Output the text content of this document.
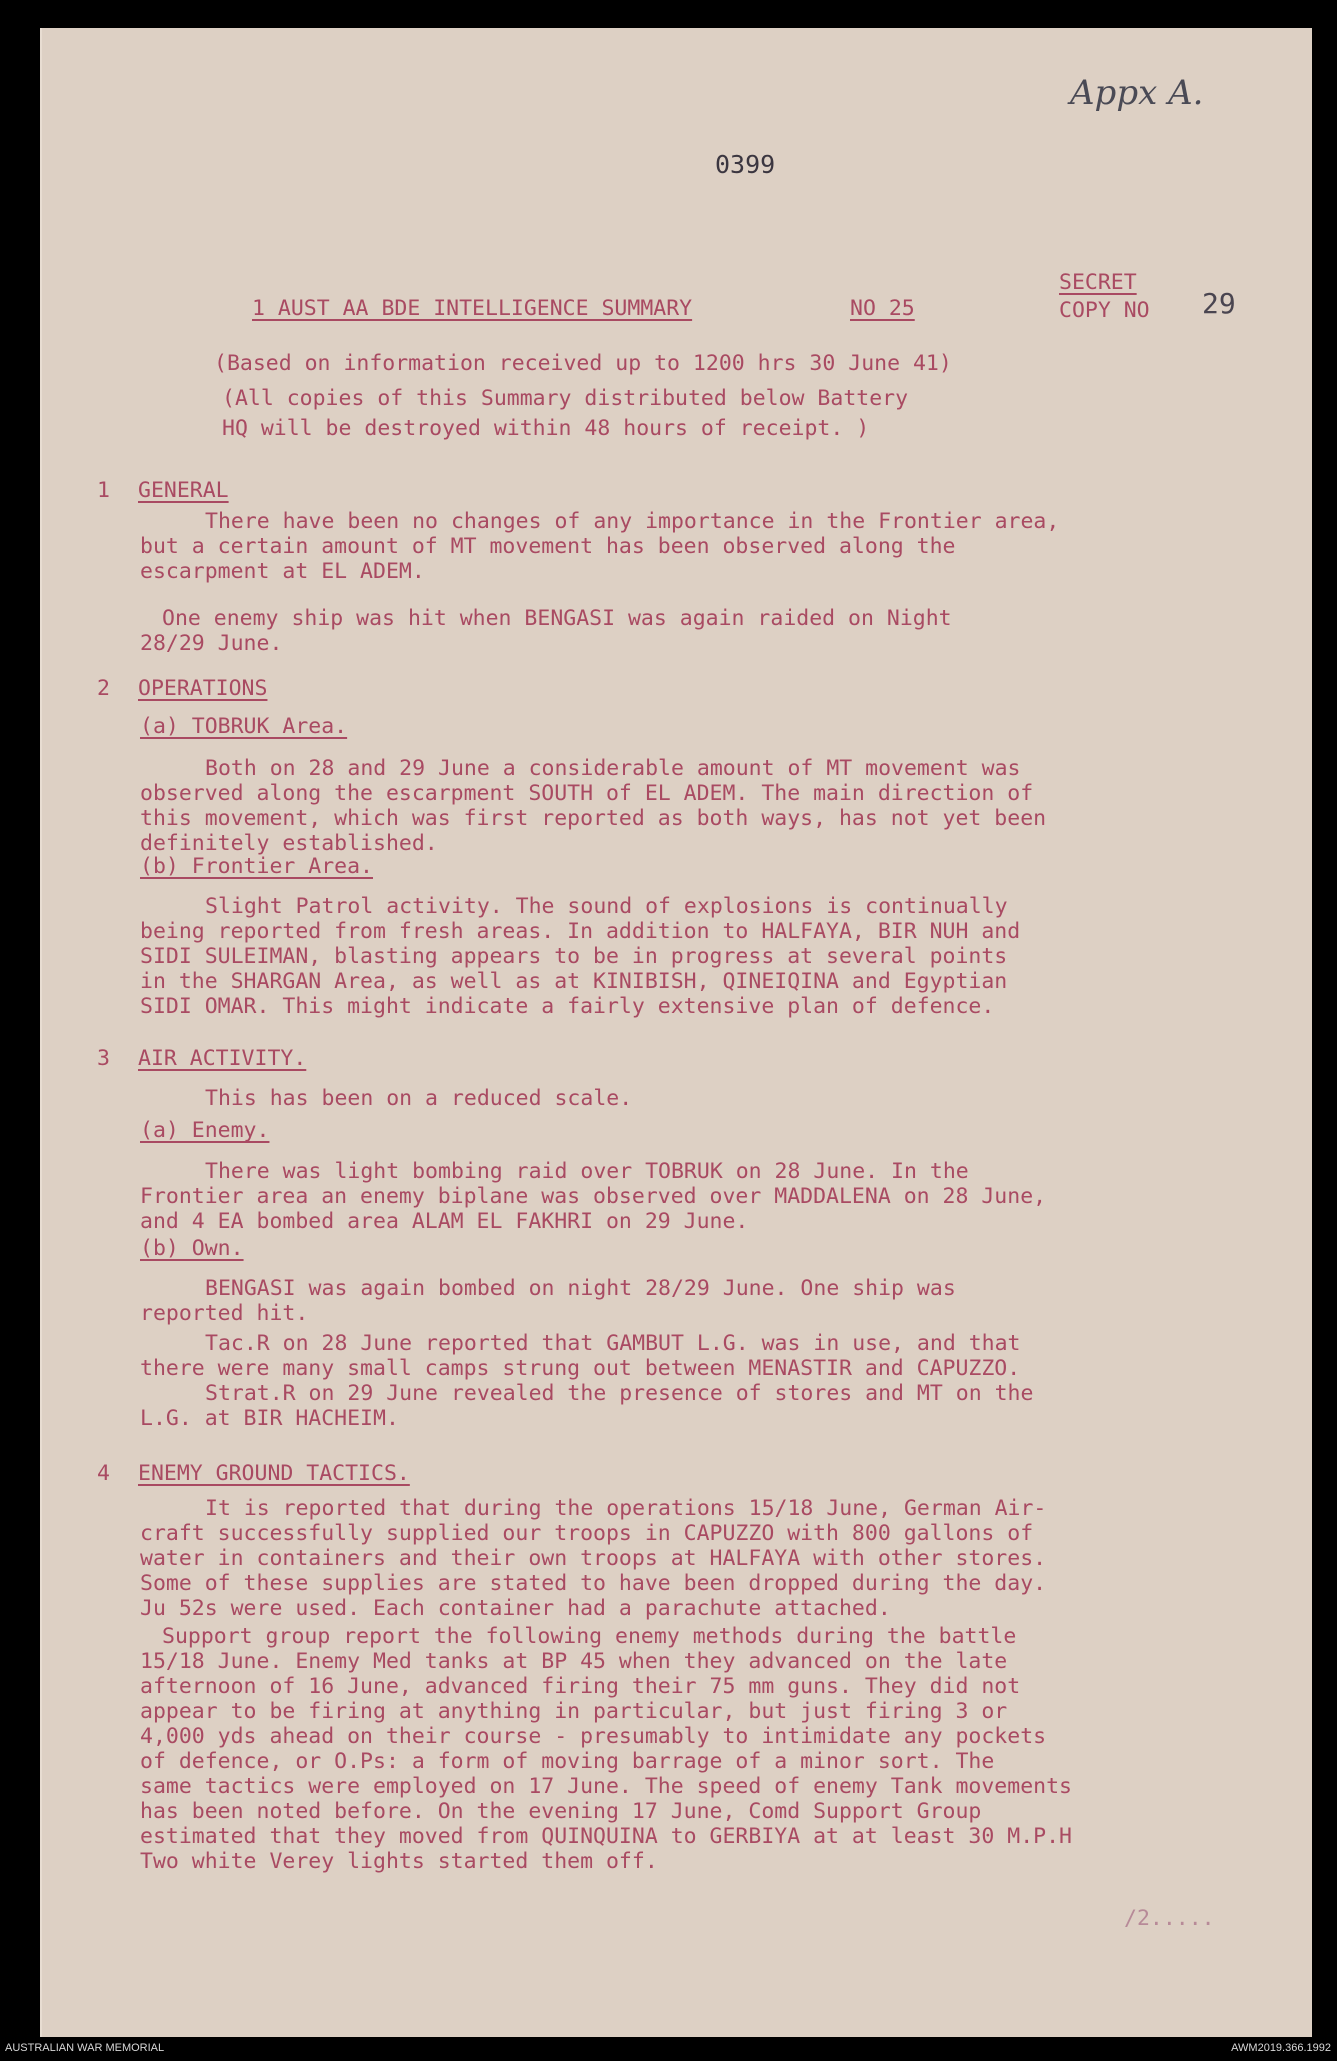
0399
Appx A.
1 AUST AA BDE INTELLIGENCE SUMMARY	NO 25
SECRET
COPY NO 29
(Based on information received up to 1200 hrs 30 June 41)
(All copies of this Summary distributed below Battery
HQ will be destroyed within 48 hours of receipt. )
1 GENERAL
There have been no changes of any importance in the Frontier area,
but a certain amount of MT movement has been observed along the
escarpment at EL ADEM.
One enemy ship was hit when BENGASI was again raided on Night
28/29 June.
2 OPERATIONS
(a) TOBRUK Area.
Both on 28 and 29 June a considerable amount of MT movement was
observed along the escarpment SOUTH of EL ADEM. The main direction of
this movement, which was first reported as both ways, has not yet been
definitely established.
(b) Frontier Area.
Slight Patrol activity. The sound of explosions is continually
being reported from fresh areas. In addition to HALFAYA, BIR NUH and
SIDI SULEIMAN, blasting appears to be in progress at several points
in the SHARGAN Area, as well as at KINIBISH, QINEIQINA and Egyptian
SIDI OMAR. This might indicate a fairly extensive plan of defence.
3 AIR ACTIVITY.
This has been on a reduced scale.
(a) Enemy.
There was light bombing raid over TOBRUK on 28 June. In the
Frontier area an enemy biplane was observed over MADDALENA on 28 June,
and 4 EA bombed area ALAM EL FAKHRI on 29 June.
(b) Own.
BENGASI was again bombed on night 28/29 June. One ship was
reported hit.
Tac.R on 28 June reported that GAMBUT L.G. was in use, and that
there were many small camps strung out between MENASTIR and CAPUZZO.
Strat.R on 29 June revealed the presence of stores and MT on the
L.G. at BIR HACHEIM.
4 ENEMY GROUND TACTICS.
It is reported that during the operations 15/18 June, German Air-
craft successfully supplied our troops in CAPUZZO with 800 gallons of
water in containers and their own troops at HALFAYA with other stores.
Some of these supplies are stated to have been dropped during the day.
Ju 52s were used. Each container had a parachute attached.
Support group report the following enemy methods during the battle
15/18 June. Enemy Med tanks at BP 45 when they advanced on the late
afternoon of 16 June, advanced firing their 75 mm guns. They did not
appear to be firing at anything in particular, but just firing 3 or
4,000 yds ahead on their course - presumably to intimidate any pockets
of defence, or O.Ps: a form of moving barrage of a minor sort. The
same tactics were employed on 17 June. The speed of enemy Tank movements
has been noted before. On the evening 17 June, Comd Support Group
estimated that they moved from QUINQUINA to GERBIYA at at least 30 M.P.H
Two white Verey lights started them off.
/2.....
AUSTRALIAN WAR MEMORIAL	AWM2019.366.1992
